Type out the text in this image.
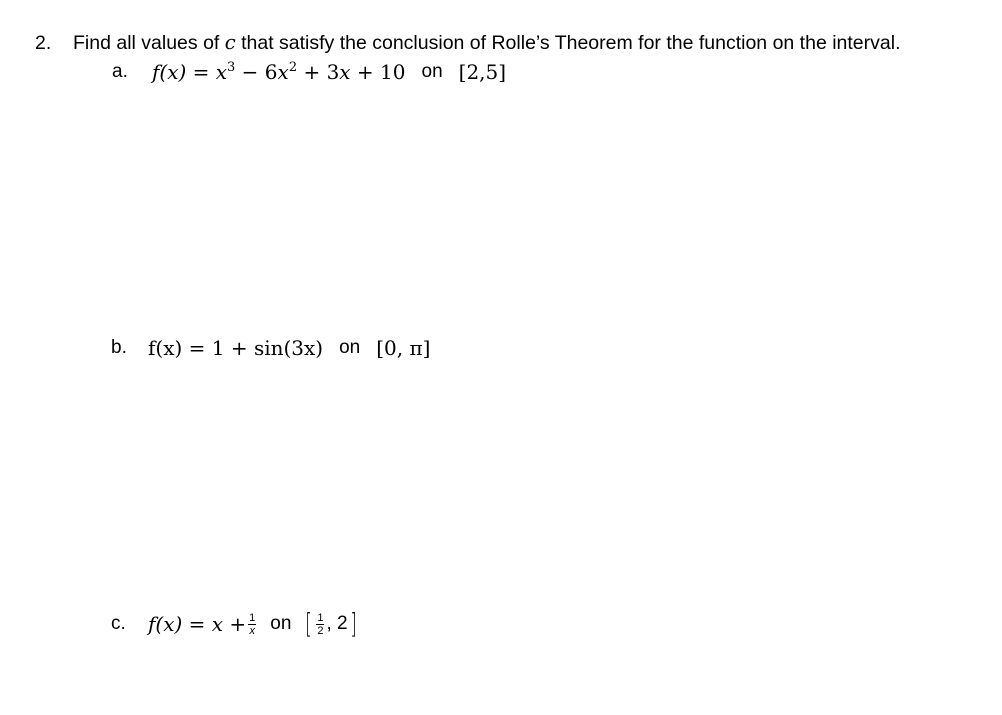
2. Find all values of c that satisfy the conclusion of Rolle’s Theorem for the function on the interval.
a.	$f(x) = x^3 - 6x^2 + 3x + 10$ on [2,5]
b.	f(x) = 1 + sin(3x) on [0, π]
c.	$f(x) = x + \frac{1}{x}$ on [ $\frac{1}{2}$ , 2 ]
